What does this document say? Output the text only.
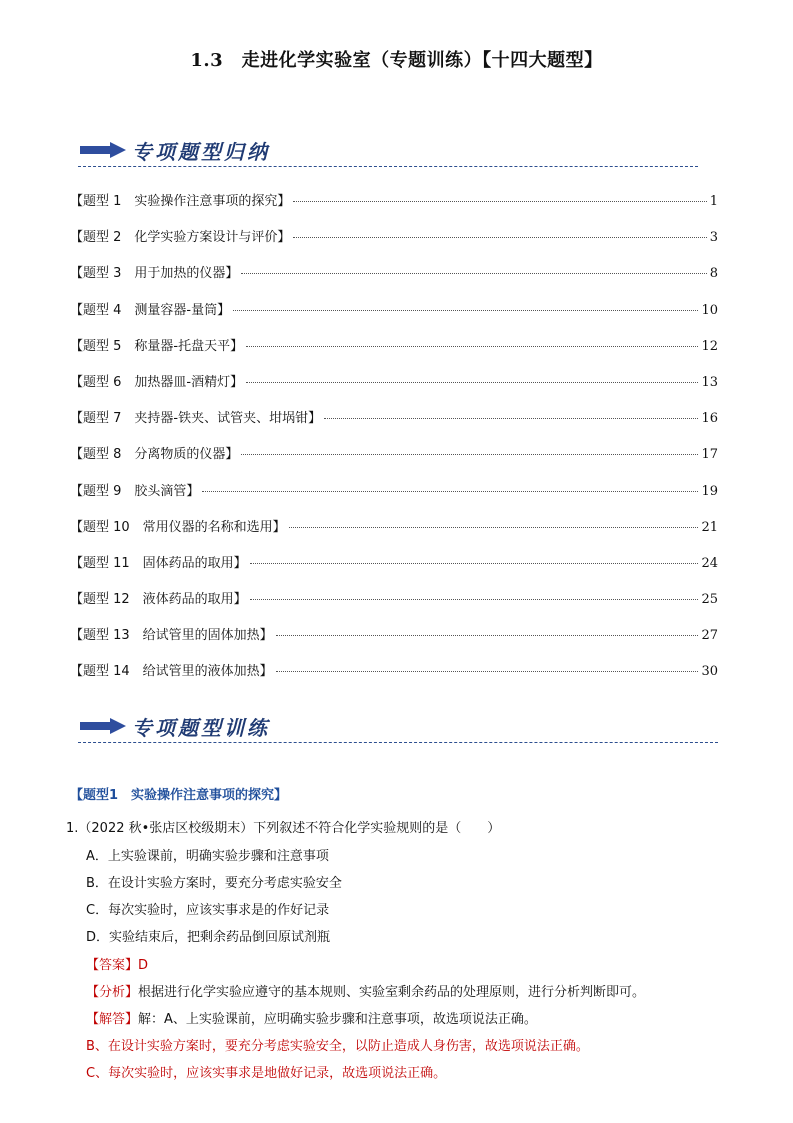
1.3　走进化学实验室（专题训练）【十四大题型】
专项题型归纳
【题型 1　实验操作注意事项的探究】	1
【题型 2　化学实验方案设计与评价】	3
【题型 3　用于加热的仪器】	8
【题型 4　测量容器-量筒】	10
【题型 5　称量器-托盘天平】	12
【题型 6　加热器皿-酒精灯】	13
【题型 7　夹持器-铁夹、试管夹、坩埚钳】	16
【题型 8　分离物质的仪器】	17
【题型 9　胶头滴管】	19
【题型 10　常用仪器的名称和选用】	21
【题型 11　固体药品的取用】	24
【题型 12　液体药品的取用】	25
【题型 13　给试管里的固体加热】	27
【题型 14　给试管里的液体加热】	30
专项题型训练
【题型1　实验操作注意事项的探究】
1.（2022 秋•张店区校级期末）下列叙述不符合化学实验规则的是（　　）
A．上实验课前，明确实验步骤和注意事项
B．在设计实验方案时，要充分考虑实验安全
C．每次实验时，应该实事求是的作好记录
D．实验结束后，把剩余药品倒回原试剂瓶
【答案】D
【分析】根据进行化学实验应遵守的基本规则、实验室剩余药品的处理原则，进行分析判断即可。
【解答】解：A、上实验课前，应明确实验步骤和注意事项，故选项说法正确。
B、在设计实验方案时，要充分考虑实验安全，以防止造成人身伤害，故选项说法正确。
C、每次实验时，应该实事求是地做好记录，故选项说法正确。
